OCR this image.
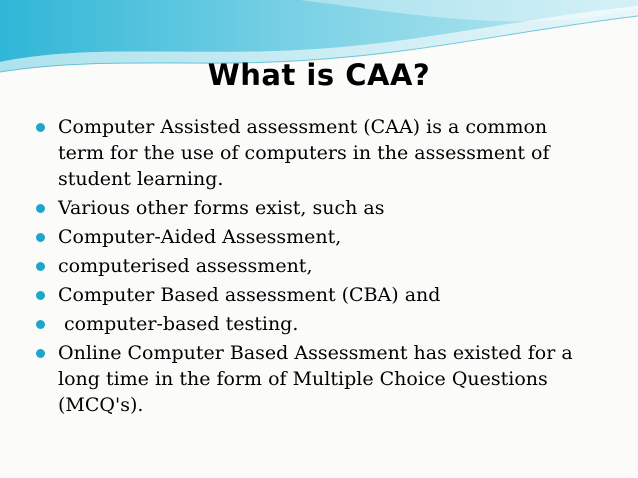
What is CAA?
Computer Assisted assessment (CAA) is a common term for the use of computers in the assessment of student learning.
Various other forms exist, such as
Computer-Aided Assessment,
computerised assessment,
Computer Based assessment (CBA) and
computer-based testing.
Online Computer Based Assessment has existed for a long time in the form of Multiple Choice Questions (MCQ's).
